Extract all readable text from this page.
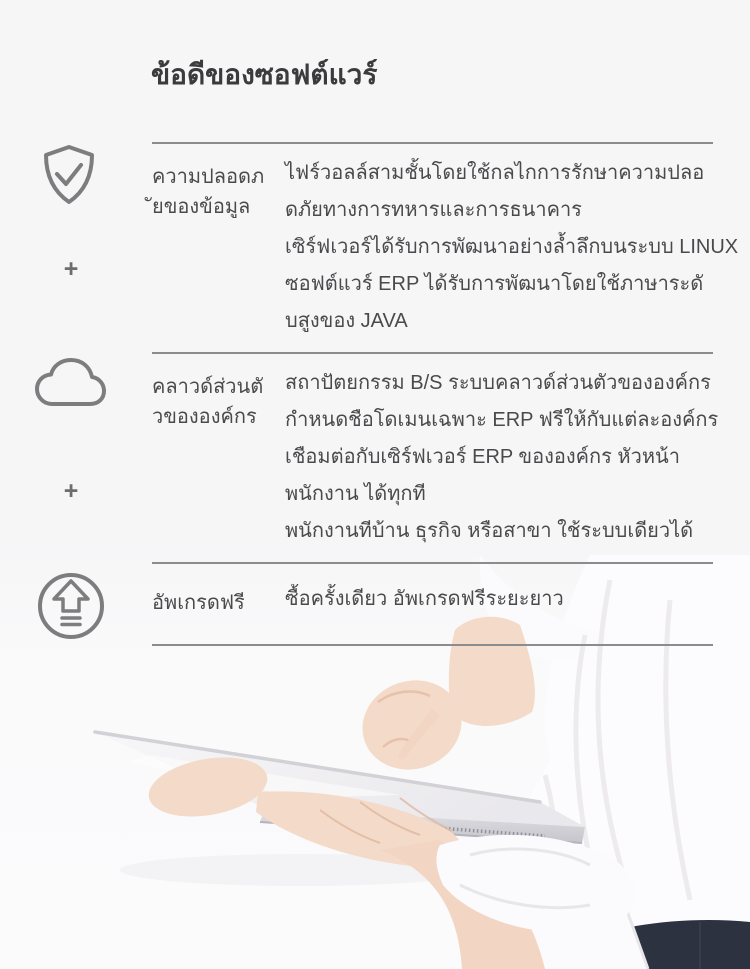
ข้อดีของซอฟต์แวร์
+
+
ความปลอดภ
ัยของข้อมูล
ไฟร์วอลล์สามชั้นโดยใช้กลไกการรักษาความปลอ
ดภัยทางการทหารและการธนาคาร
เซิร์ฟเวอร์ได้รับการพัฒนาอย่างล้ำลึกบนระบบ LINUX
ซอฟต์แวร์ ERP ได้รับการพัฒนาโดยใช้ภาษาระดั
บสูงของ JAVA
คลาวด์ส่วนตั
วขององค์กร
สถาปัตยกรรม B/S ระบบคลาวด์ส่วนตัวขององค์กร
กำหนดชือโดเมนเฉพาะ ERP ฟรีให้กับแต่ละองค์กร
เชือมต่อกับเซิร์ฟเวอร์ ERP ขององค์กร หัวหน้า
พนักงาน ได้ทุกที
พนักงานทีบ้าน ธุรกิจ หรือสาขา ใช้ระบบเดียวได้
อัพเกรดฟรี	ซื้อครั้งเดียว อัพเกรดฟรีระยะยาว
